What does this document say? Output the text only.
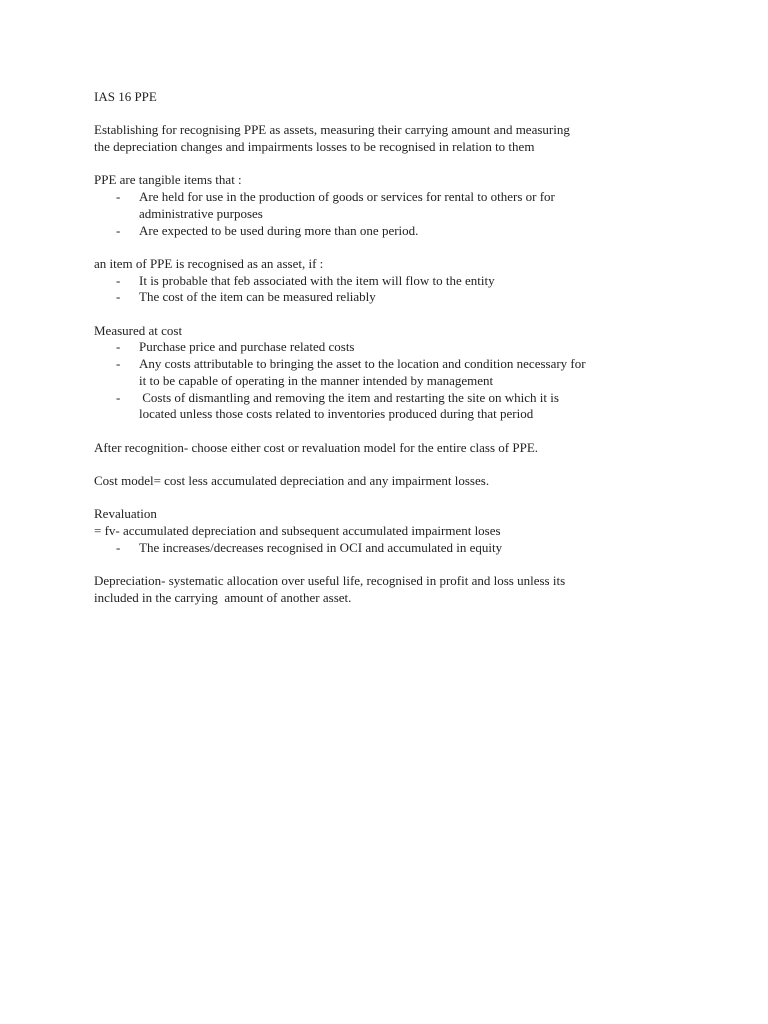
IAS 16 PPE

Establishing for recognising PPE as assets, measuring their carrying amount and measuring
the depreciation changes and impairments losses to be recognised in relation to them

PPE are tangible items that :
- Are held for use in the production of goods or services for rental to others or for
administrative purposes
- Are expected to be used during more than one period.
an item of PPE is recognised as an asset, if :
- It is probable that feb associated with the item will flow to the entity
- The cost of the item can be measured reliably
Measured at cost
- Purchase price and purchase related costs
- Any costs attributable to bringing the asset to the location and condition necessary for
it to be capable of operating in the manner intended by management
- Costs of dismantling and removing the item and restarting the site on which it is
located unless those costs related to inventories produced during that period

After recognition- choose either cost or revaluation model for the entire class of PPE.

Cost model= cost less accumulated depreciation and any impairment losses.

Revaluation
= fv- accumulated depreciation and subsequent accumulated impairment loses
- The increases/decreases recognised in OCI and accumulated in equity

Depreciation- systematic allocation over useful life, recognised in profit and loss unless its
included in the carrying  amount of another asset.
